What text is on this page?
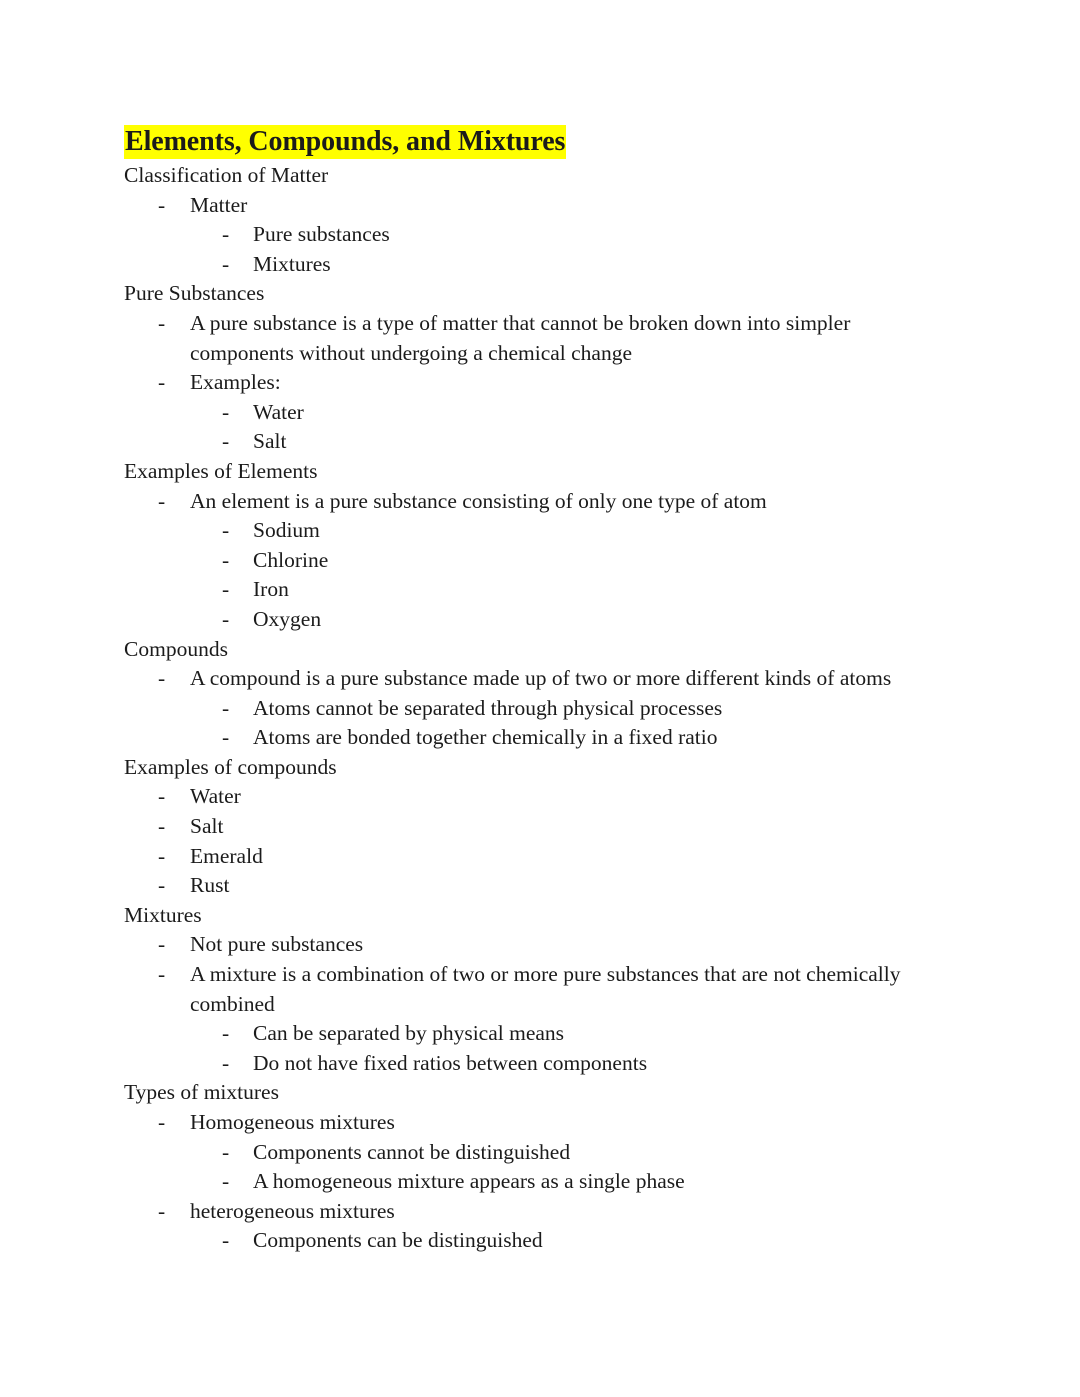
Elements, Compounds, and Mixtures
Classification of Matter
-	Matter
-	Pure substances
-	Mixtures
Pure Substances
-	A pure substance is a type of matter that cannot be broken down into simpler components without undergoing a chemical change
-	Examples:
-	Water
-	Salt
Examples of Elements
-	An element is a pure substance consisting of only one type of atom
-	Sodium
-	Chlorine
-	Iron
-	Oxygen
Compounds
-	A compound is a pure substance made up of two or more different kinds of atoms
-	Atoms cannot be separated through physical processes
-	Atoms are bonded together chemically in a fixed ratio
Examples of compounds
-	Water
-	Salt
-	Emerald
-	Rust
Mixtures
-	Not pure substances
-	A mixture is a combination of two or more pure substances that are not chemically combined
-	Can be separated by physical means
-	Do not have fixed ratios between components
Types of mixtures
-	Homogeneous mixtures
-	Components cannot be distinguished
-	A homogeneous mixture appears as a single phase
-	heterogeneous mixtures
-	Components can be distinguished
